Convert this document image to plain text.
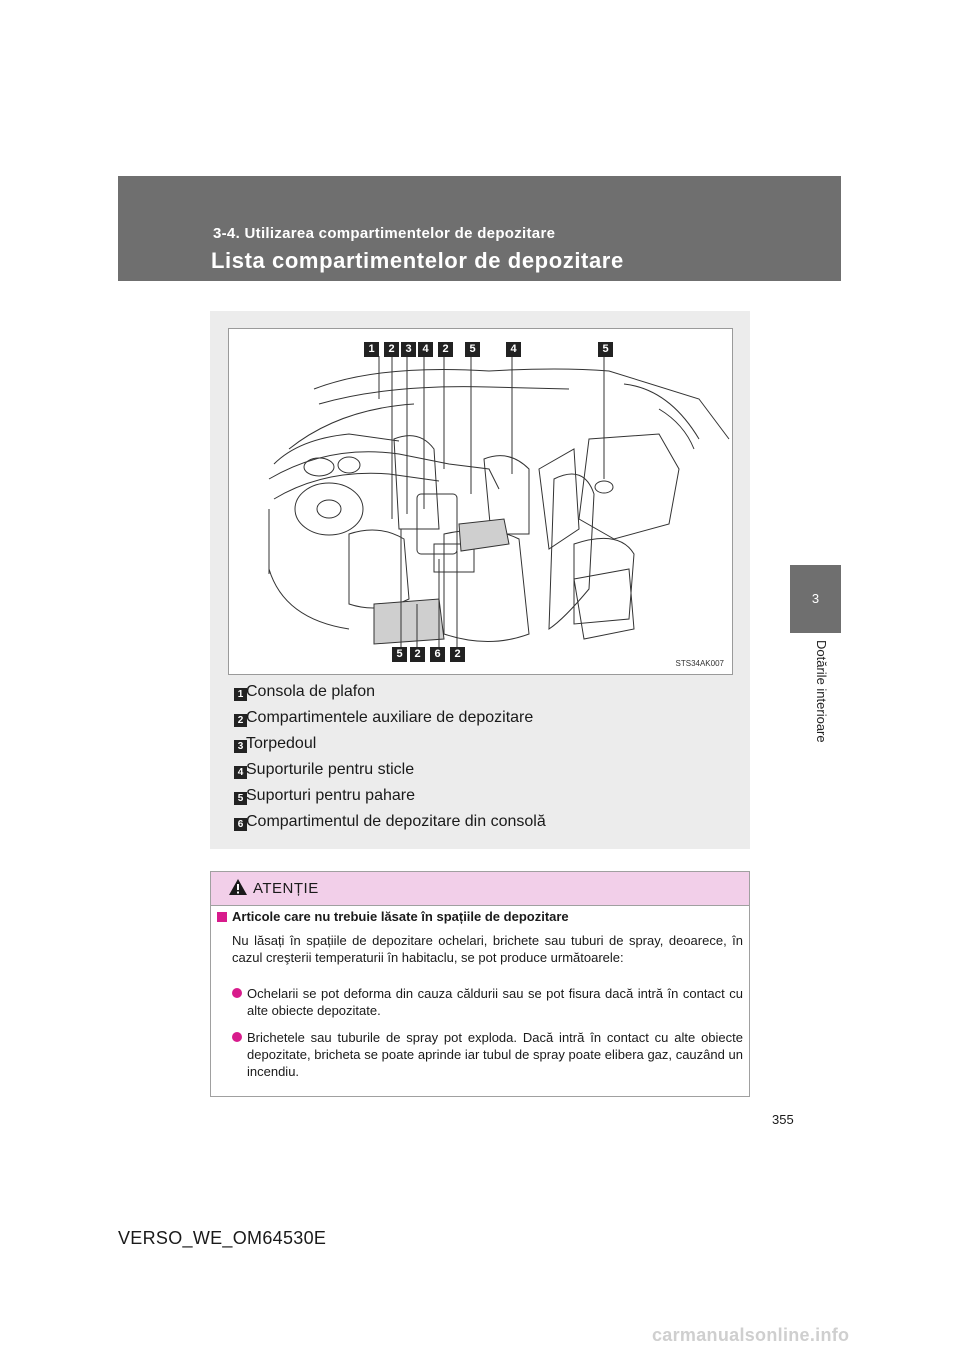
3-4. Utilizarea compartimentelor de depozitare
Lista compartimentelor de depozitare
3
Dotările interioare
1	2 3 4	2	5	4	5
5	2	6	2
STS34AK007
1 Consola de plafon
2 Compartimentele auxiliare de depozitare
3 Torpedoul
4 Suporturile pentru sticle
5 Suporturi pentru pahare
6 Compartimentul de depozitare din consolă
ATENȚIE
Articole care nu trebuie lăsate în spațiile de depozitare
Nu lăsați în spațiile de depozitare ochelari, brichete sau tuburi de spray, deoarece, în cazul creşterii temperaturii în habitaclu, se pot produce următoarele:
Ochelarii se pot deforma din cauza căldurii sau se pot fisura dacă intră în contact cu alte obiecte depozitate.
Brichetele sau tuburile de spray pot exploda. Dacă intră în contact cu alte obiecte depozitate, bricheta se poate aprinde iar tubul de spray poate elibera gaz, cauzând un incendiu.
355
VERSO_WE_OM64530E
carmanualsonline.info
